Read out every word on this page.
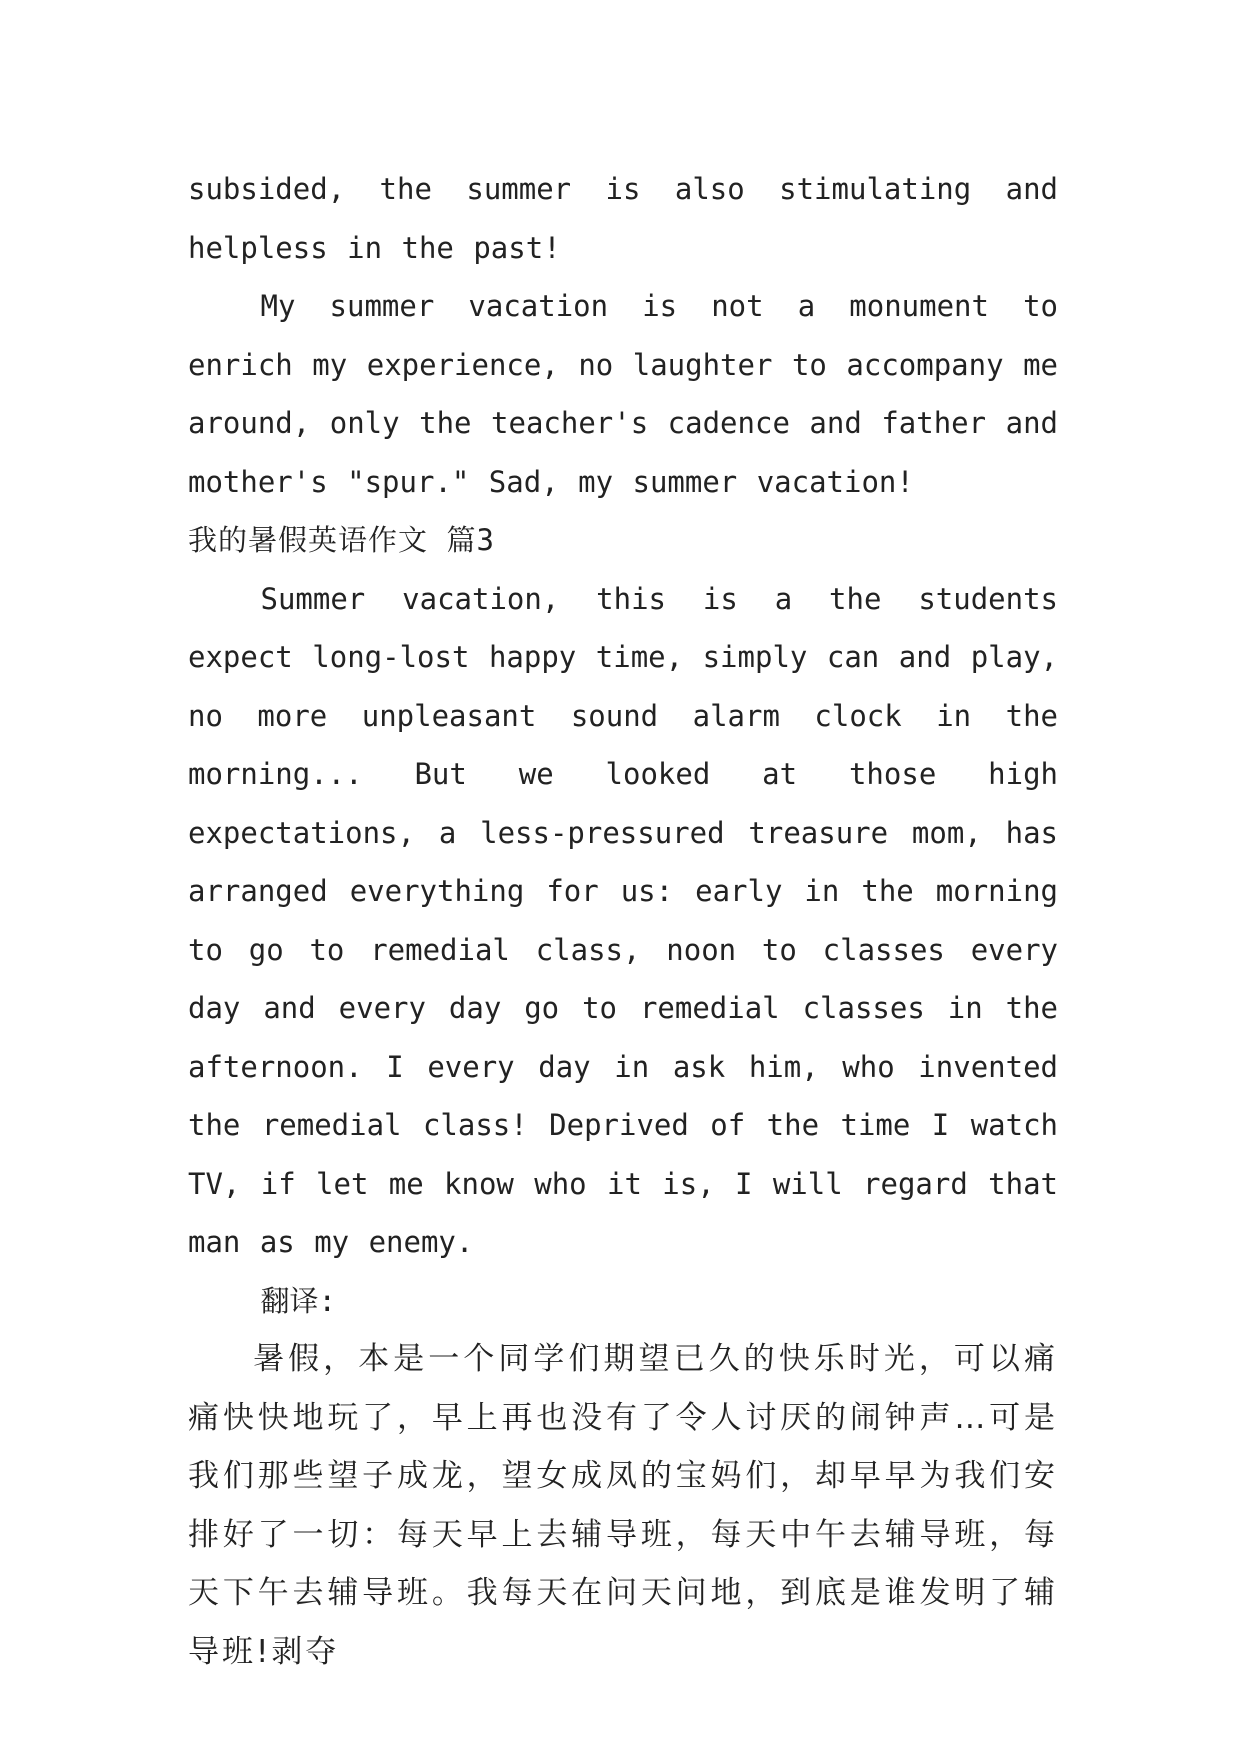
subsided, the summer is also stimulating and helpless in the past!

My summer vacation is not a monument to enrich my experience, no laughter to accompany me around, only the teacher's cadence and father and mother's "spur." Sad, my summer vacation!

我的暑假英语作文 篇3

Summer vacation, this is a the students expect long-lost happy time, simply can and play, no more unpleasant sound alarm clock in the morning... But we looked at those high expectations, a less-pressured treasure mom, has arranged everything for us: early in the morning to go to remedial class, noon to classes every day and every day go to remedial classes in the afternoon. I every day in ask him, who invented the remedial class! Deprived of the time I watch TV, if let me know who it is, I will regard that man as my enemy.

翻译:

暑假，本是一个同学们期望已久的快乐时光，可以痛痛快快地玩了，早上再也没有了令人讨厌的闹钟声…可是我们那些望子成龙，望女成凤的宝妈们，却早早为我们安排好了一切：每天早上去辅导班，每天中午去辅导班，每天下午去辅导班。我每天在问天问地，到底是谁发明了辅导班!剥夺
